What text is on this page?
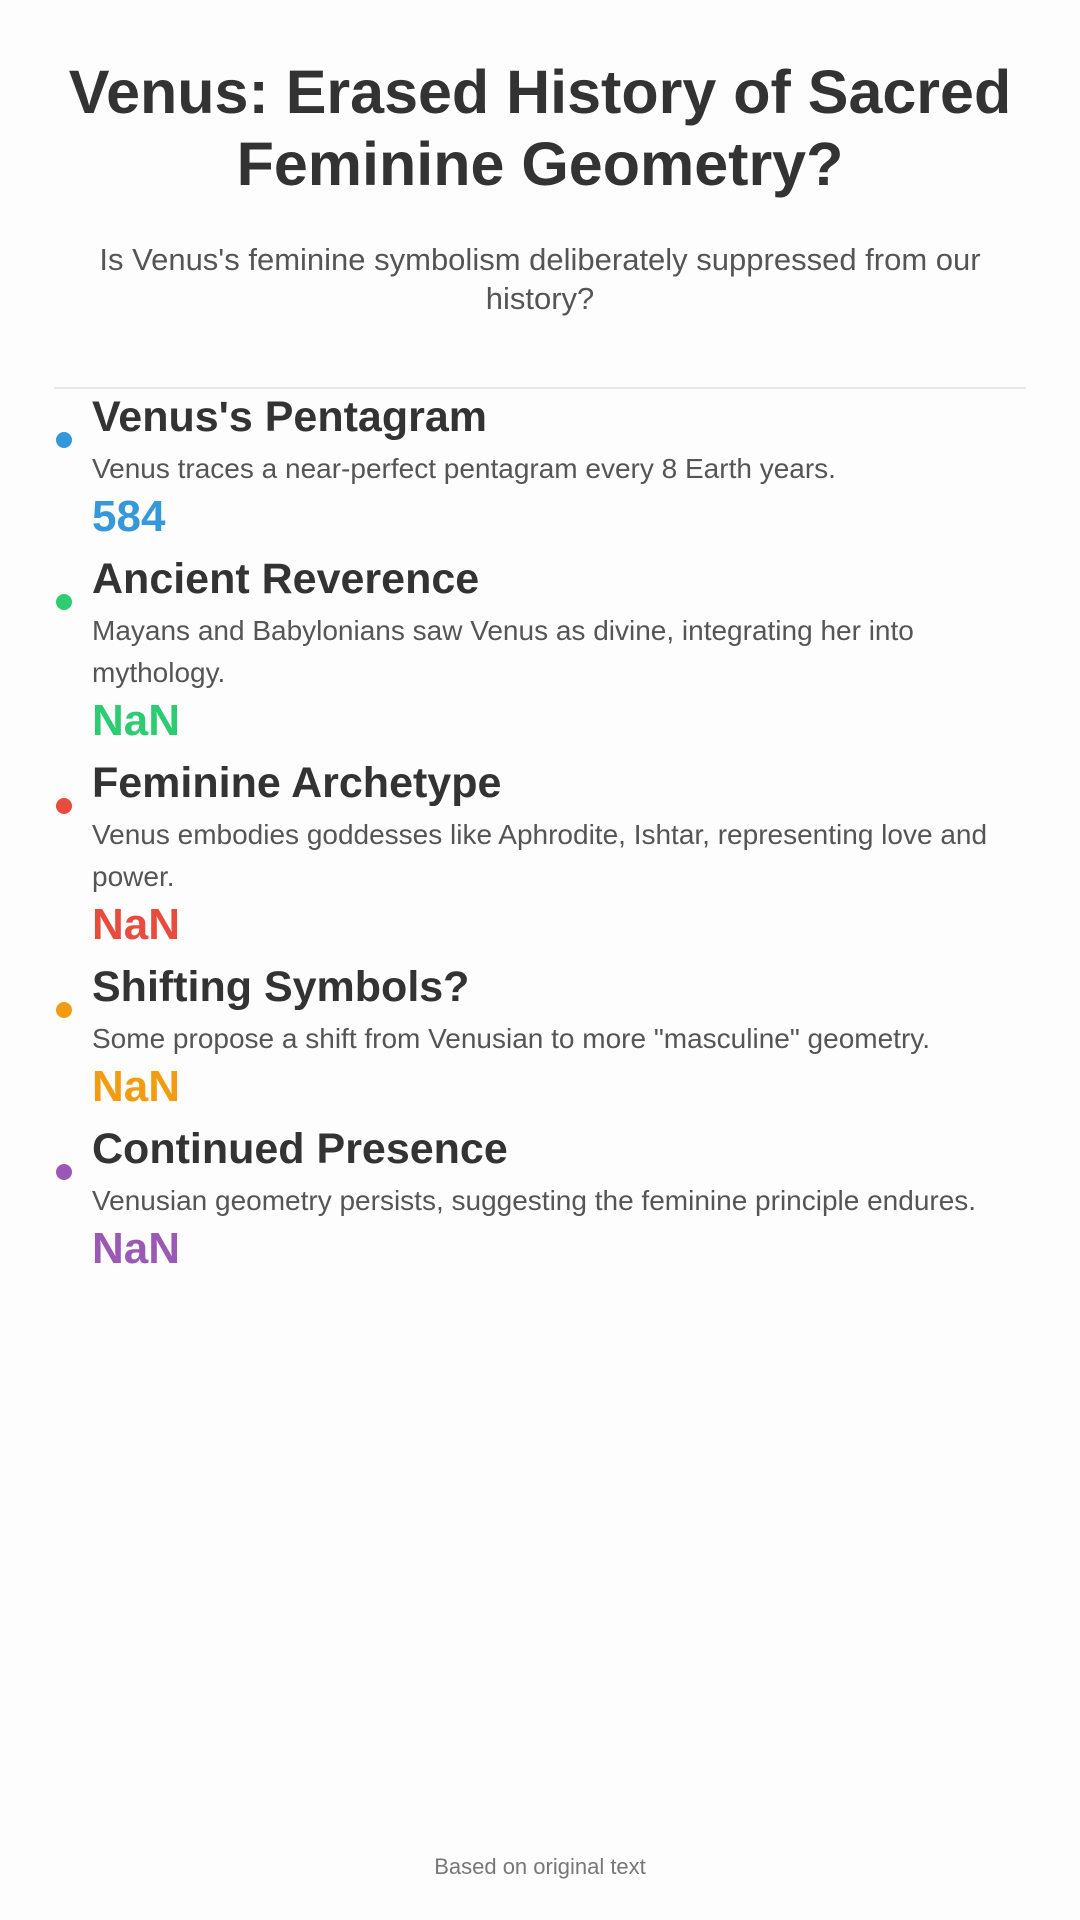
Venus: Erased History of Sacred Feminine Geometry?

Is Venus's feminine symbolism deliberately suppressed from our history?

Venus's Pentagram
Venus traces a near-perfect pentagram every 8 Earth years.
584
Ancient Reverence
Mayans and Babylonians saw Venus as divine, integrating her into mythology.
NaN
Feminine Archetype
Venus embodies goddesses like Aphrodite, Ishtar, representing love and power.
NaN
Shifting Symbols?
Some propose a shift from Venusian to more "masculine" geometry.
NaN
Continued Presence
Venusian geometry persists, suggesting the feminine principle endures.
NaN
Based on original text
